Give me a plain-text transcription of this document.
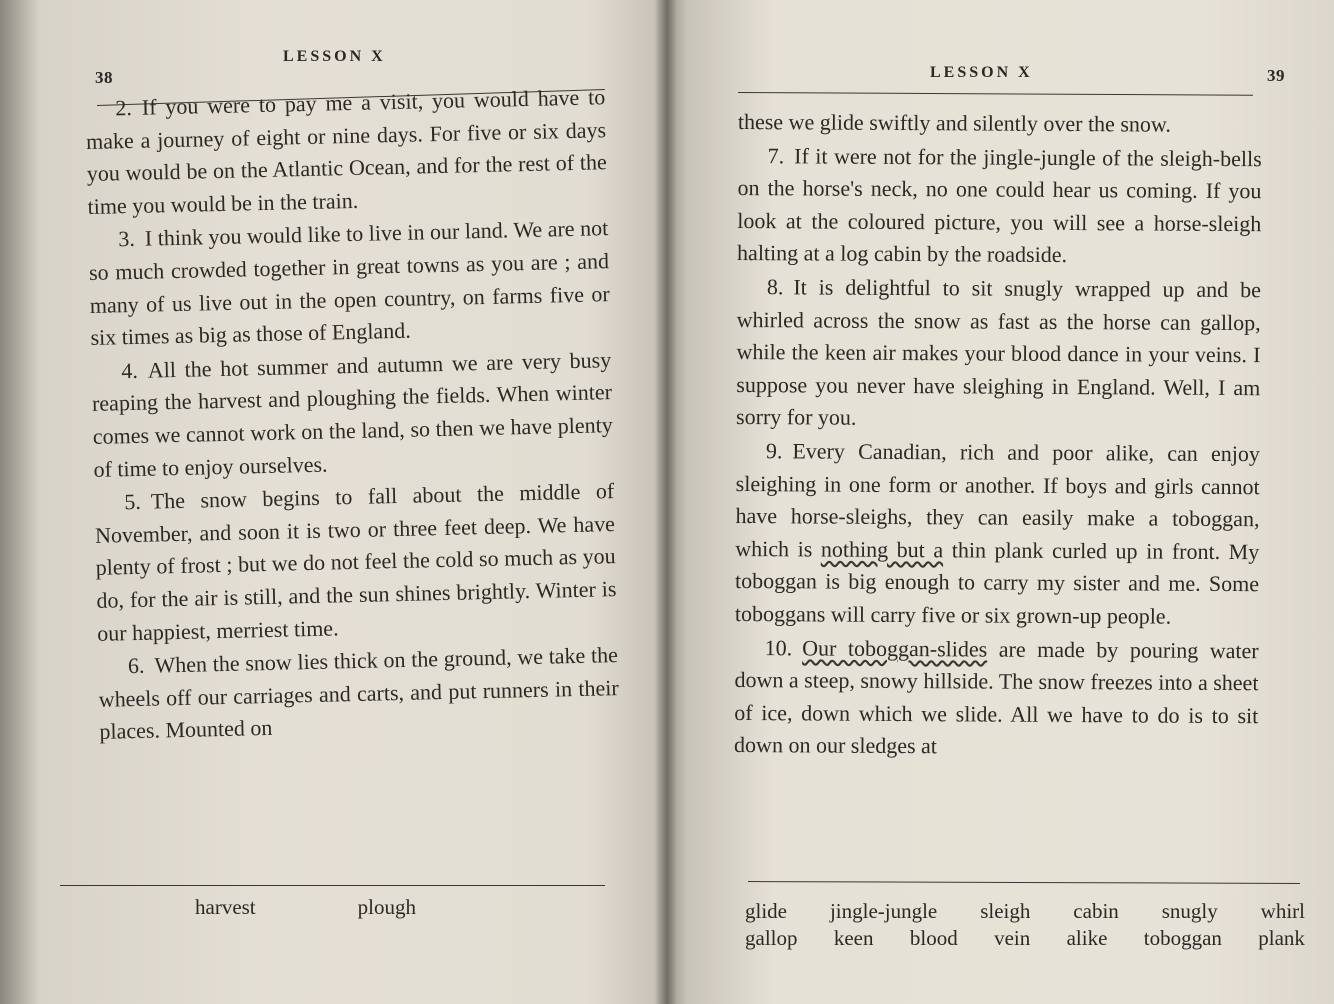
38
LESSON X

2. If you were to pay me a visit, you would have to make a journey of eight or nine days. For five or six days you would be on the Atlantic Ocean, and for the rest of the time you would be in the train.

3. I think you would like to live in our land. We are not so much crowded together in great towns as you are ; and many of us live out in the open country, on farms five or six times as big as those of England.

4. All the hot summer and autumn we are very busy reaping the harvest and ploughing the fields. When winter comes we cannot work on the land, so then we have plenty of time to enjoy ourselves.

5. The snow begins to fall about the middle of November, and soon it is two or three feet deep. We have plenty of frost ; but we do not feel the cold so much as you do, for the air is still, and the sun shines brightly. Winter is our happiest, merriest time.

6. When the snow lies thick on the ground, we take the wheels off our carriages and carts, and put runners in their places. Mounted on

harvest	plough
LESSON X	39

these we glide swiftly and silently over the snow.

7. If it were not for the jingle-jungle of the sleigh-bells on the horse's neck, no one could hear us coming. If you look at the coloured picture, you will see a horse-sleigh halting at a log cabin by the roadside.

8. It is delightful to sit snugly wrapped up and be whirled across the snow as fast as the horse can gallop, while the keen air makes your blood dance in your veins. I suppose you never have sleighing in England. Well, I am sorry for you.

9. Every Canadian, rich and poor alike, can enjoy sleighing in one form or another. If boys and girls cannot have horse-sleighs, they can easily make a toboggan, which is nothing but a thin plank curled up in front. My toboggan is big enough to carry my sister and me. Some toboggans will carry five or six grown-up people.

10. Our toboggan-slides are made by pouring water down a steep, snowy hillside. The snow freezes into a sheet of ice, down which we slide. All we have to do is to sit down on our sledges at

glide jingle-jungle sleigh cabin snugly whirl
gallop keen blood vein alike toboggan plank
